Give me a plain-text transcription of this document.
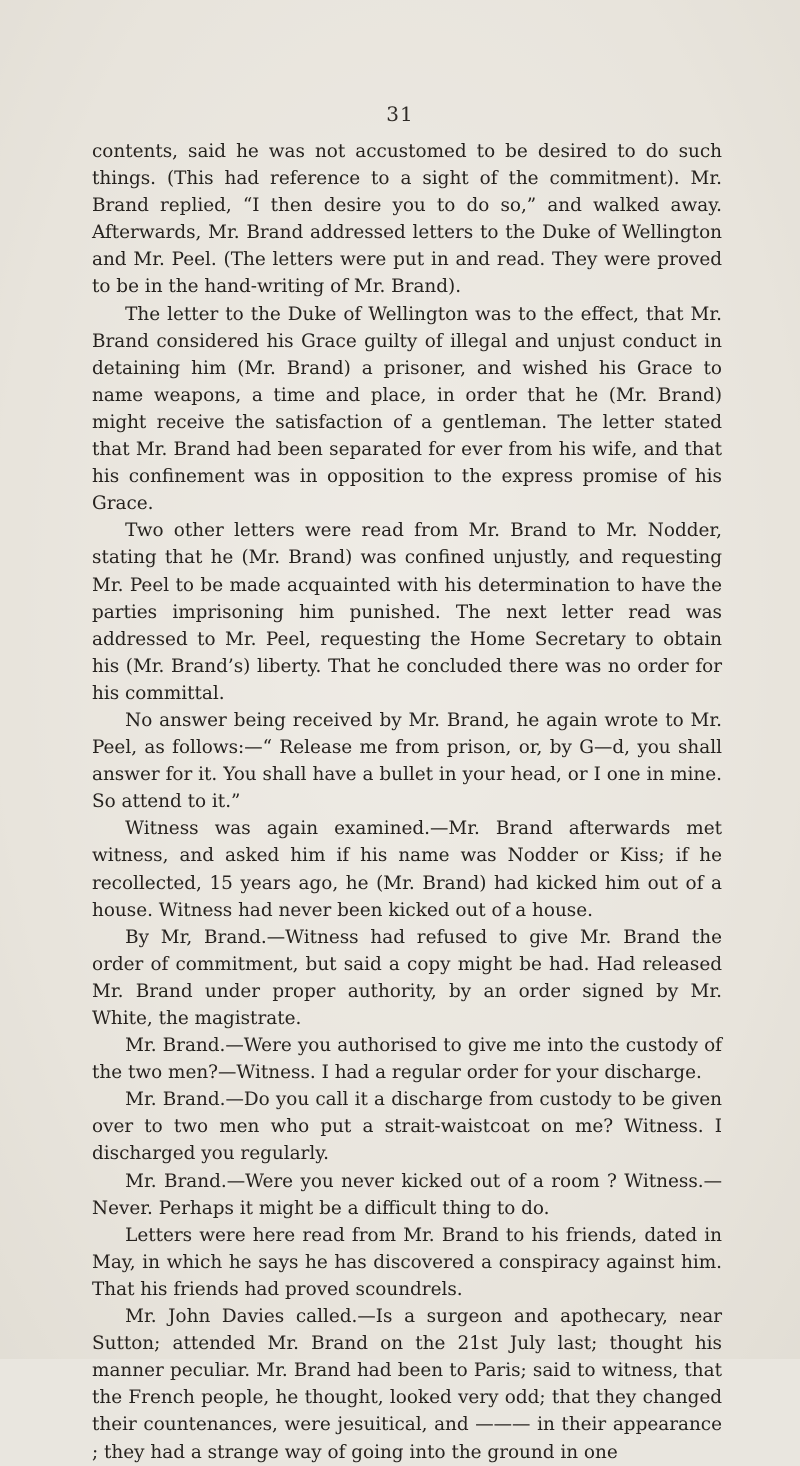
31

contents, said he was not accustomed to be desired to do such things. (This had reference to a sight of the commitment). Mr. Brand replied, “I then desire you to do so,” and walked away. Afterwards, Mr. Brand addressed letters to the Duke of Wellington and Mr. Peel. (The letters were put in and read. They were proved to be in the hand-writing of Mr. Brand).

The letter to the Duke of Wellington was to the effect, that Mr. Brand considered his Grace guilty of illegal and unjust conduct in detaining him (Mr. Brand) a prisoner, and wished his Grace to name weapons, a time and place, in order that he (Mr. Brand) might receive the satisfaction of a gentleman. The letter stated that Mr. Brand had been separated for ever from his wife, and that his confinement was in opposition to the express promise of his Grace.

Two other letters were read from Mr. Brand to Mr. Nodder, stating that he (Mr. Brand) was confined unjustly, and requesting Mr. Peel to be made acquainted with his determination to have the parties imprisoning him punished. The next letter read was addressed to Mr. Peel, requesting the Home Secretary to obtain his (Mr. Brand’s) liberty. That he concluded there was no order for his committal.

No answer being received by Mr. Brand, he again wrote to Mr. Peel, as follows:—“ Release me from prison, or, by G—d, you shall answer for it. You shall have a bullet in your head, or I one in mine. So attend to it.”

Witness was again examined.—Mr. Brand afterwards met witness, and asked him if his name was Nodder or Kiss; if he recollected, 15 years ago, he (Mr. Brand) had kicked him out of a house. Witness had never been kicked out of a house.

By Mr, Brand.—Witness had refused to give Mr. Brand the order of commitment, but said a copy might be had. Had released Mr. Brand under proper authority, by an order signed by Mr. White, the magistrate.

Mr. Brand.—Were you authorised to give me into the custody of the two men?—Witness. I had a regular order for your discharge.

Mr. Brand.—Do you call it a discharge from custody to be given over to two men who put a strait-waistcoat on me? Witness. I discharged you regularly.

Mr. Brand.—Were you never kicked out of a room ? Witness.—Never. Perhaps it might be a difficult thing to do.

Letters were here read from Mr. Brand to his friends, dated in May, in which he says he has discovered a conspiracy against him. That his friends had proved scoundrels.

Mr. John Davies called.—Is a surgeon and apothecary, near Sutton; attended Mr. Brand on the 21st July last; thought his manner peculiar. Mr. Brand had been to Paris; said to witness, that the French people, he thought, looked very odd; that they changed their countenances, were jesuitical, and ——— in their appearance ; they had a strange way of going into the ground in one
